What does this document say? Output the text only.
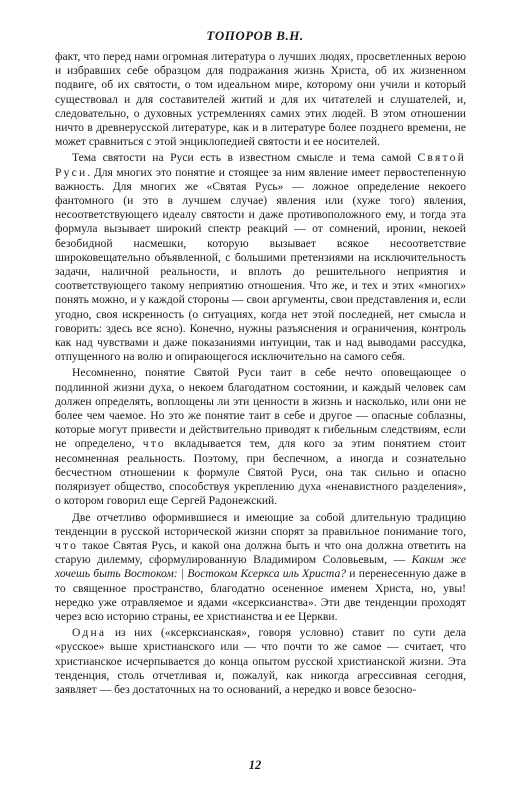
ТОПОРОВ В.Н.

факт, что перед нами огромная литература о лучших людях, просветленных верою и избравших себе образцом для подражания жизнь Христа, об их жизненном подвиге, об их святости, о том идеальном мире, которому они учили и который существовал и для составителей житий и для их читателей и слушателей, и, следовательно, о духовных устремлениях самих этих людей. В этом отношении ничто в древнерусской литературе, как и в литературе более позднего времени, не может сравниться с этой энциклопедией святости и ее носителей.

Тема святости на Руси есть в известном смысле и тема самой Святой Руси. Для многих это понятие и стоящее за ним явление имеет первостепенную важность. Для многих же «Святая Русь» — ложное определение некоего фантомного (и это в лучшем случае) явления или (хуже того) явления, несоответствующего идеалу святости и даже противоположного ему, и тогда эта формула вызывает широкий спектр реакций — от сомнений, иронии, некоей безобидной насмешки, которую вызывает всякое несоответствие широковещательно объявленной, с большими претензиями на исключительность задачи, наличной реальности, и вплоть до решительного неприятия и соответствующего такому неприятию отношения. Что же, и тех и этих «многих» понять можно, и у каждой стороны — свои аргументы, свои представления и, если угодно, своя искренность (о ситуациях, когда нет этой последней, нет смысла и говорить: здесь все ясно). Конечно, нужны разъяснения и ограничения, контроль как над чувствами и даже показаниями интуиции, так и над выводами рассудка, отпущенного на волю и опирающегося исключительно на самого себя.

Несомненно, понятие Святой Руси таит в себе нечто оповещающее о подлинной жизни духа, о некоем благодатном состоянии, и каждый человек сам должен определять, воплощены ли эти ценности в жизнь и насколько, или они не более чем чаемое. Но это же понятие таит в себе и другое — опасные соблазны, которые могут привести и действительно приводят к гибельным следствиям, если не определено, что вкладывается тем, для кого за этим понятием стоит несомненная реальность. Поэтому, при беспечном, а иногда и сознательно бесчестном отношении к формуле Святой Руси, она так сильно и опасно поляризует общество, способствуя укреплению духа «ненавистного разделения», о котором говорил еще Сергей Радонежский.

Две отчетливо оформившиеся и имеющие за собой длительную традицию тенденции в русской исторической жизни спорят за правильное понимание того, что такое Святая Русь, и какой она должна быть и что она должна ответить на старую дилемму, сформулированную Владимиром Соловьевым, — Каким же хочешь быть Востоком: | Востоком Ксеркса иль Христа? и перенесенную даже в то священное пространство, благодатно осененное именем Христа, но, увы! нередко уже отравляемое и ядами «ксерксианства». Эти две тенденции проходят через всю историю страны, ее христианства и ее Церкви.

Одна из них («ксерксианская», говоря условно) ставит по сути дела «русское» выше христианского или — что почти то же самое — считает, что христианское исчерпывается до конца опытом русской христианской жизни. Эта тенденция, столь отчетливая и, пожалуй, как никогда агрессивная сегодня, заявляет — без достаточных на то оснований, а нередко и вовсе безосно-

12
